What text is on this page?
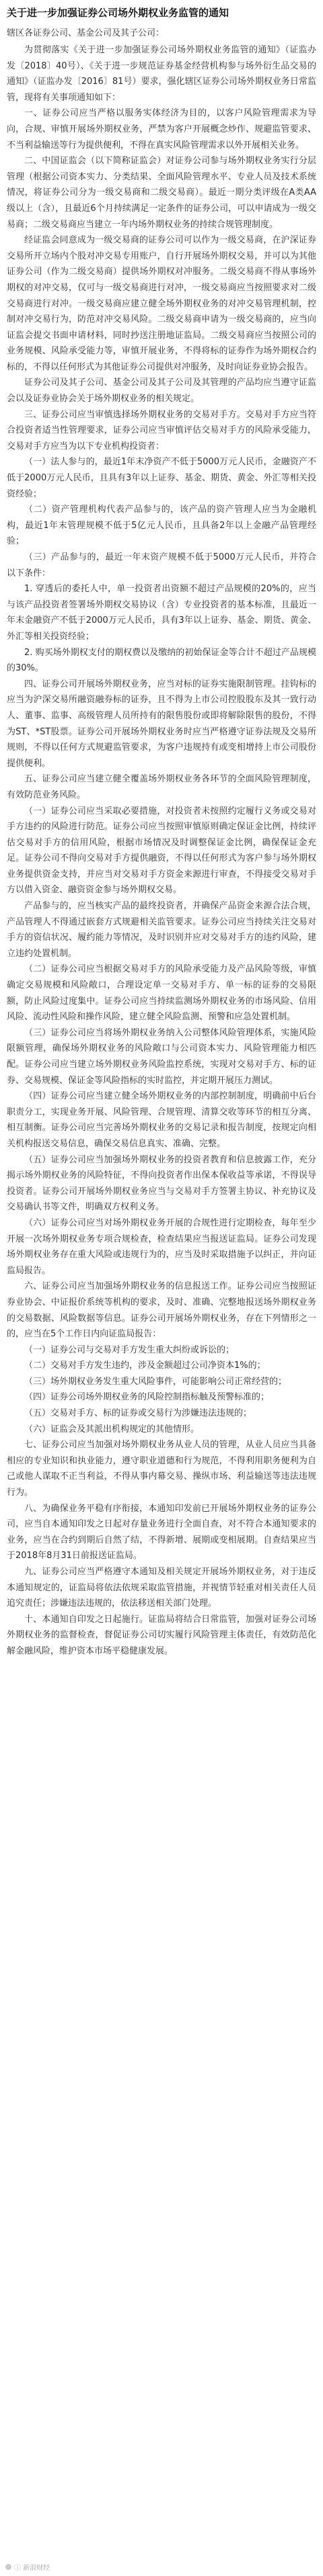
关于进一步加强证券公司场外期权业务监管的通知
辖区各证券公司、基金公司及其子公司：

为贯彻落实《关于进一步加强证券公司场外期权业务监管的通知》（证监办发〔2018〕40号）、《关于进一步规范证券基金经营机构参与场外衍生品交易的通知》（证监办发〔2016〕81号）要求，强化辖区证券公司场外期权业务日常监管，现将有关事项通知如下：

一、证券公司应当严格以服务实体经济为目的，以客户风险管理需求为导向，合规、审慎开展场外期权业务，严禁为客户开展概念炒作、规避监管要求、不当利益输送等行为提供便利，不得在真实风险管理需求以外开展相关业务。

二、中国证监会（以下简称证监会）对证券公司参与场外期权业务实行分层管理（根据公司资本实力、分类结果、全面风险管理水平、专业人员及技术系统情况，将证券公司分为一级交易商和二级交易商）。最近一期分类评级在A类AA级以上（含），且最近6个月持续满足一定条件的证券公司，可以申请成为一级交易商；二级交易商应当建立一年内场外期权业务的持续合规管理制度。

经证监会同意成为一级交易商的证券公司可以作为一级交易商，在沪深证券交易所开立场内个股对冲交易专用账户，自行开展场外期权交易，并可以为其他证券公司（作为二级交易商）提供场外期权对冲服务。二级交易商不得从事场外期权的对冲交易，仅可与一级交易商进行对冲，一级交易商应当按照要求对二级交易商进行对冲。一级交易商应建立健全场外期权业务的对冲交易管理机制，控制对冲交易行为，防范对冲交易风险。二级交易商申请为一级交易商的，应当向证监会提交书面申请材料，同时抄送注册地证监局。二级交易商应当按照公司的业务规模、风险承受能力等，审慎开展业务，不得将标的证券作为场外期权合约标的，不得以任何形式为其他证券公司提供对冲服务，及时向证券业协会报告。

证券公司及其子公司、基金公司及其子公司及其管理的产品均应当遵守证监会以及证券业协会关于场外期权业务的相关规定。

三、证券公司应当审慎选择场外期权业务的交易对手方。交易对手方应当符合投资者适当性管理要求，证券公司应当审慎评估交易对手方的风险承受能力，交易对手方应当为以下专业机构投资者：

（一）法人参与的，最近1年末净资产不低于5000万元人民币，金融资产不低于2000万元人民币，且具有3年以上证券、基金、期货、黄金、外汇等相关投资经验；

（二）资产管理机构代表产品参与的，该产品的资产管理人应当为金融机构，最近1年末管理规模不低于5亿元人民币，且具备2年以上金融产品管理经验；

（三）产品参与的，最近一年末资产规模不低于5000万元人民币，并符合以下条件：

1. 穿透后的委托人中，单一投资者出资额不超过产品规模的20%的，应当与该产品投资者签署场外期权交易协议（含）专业投资者的基本标准，且最近一年末金融资产不低于2000万元人民币，具有3年以上证券、基金、期货、黄金、外汇等相关投资经验；

2. 购买场外期权支付的期权费以及缴纳的初始保证金等合计不超过产品规模的30%。

四、证券公司开展场外期权业务，应当对标的证券实施限制管理。挂钩标的应当为沪深交易所融资融券标的证券，且不得为上市公司控股股东及其一致行动人、董事、监事、高级管理人员所持有的限售股份或即将解除限售的股份，不得为ST、*ST股票。证券公司开展场外期权业务时应当严格遵守证券法规及交易所规则，不得以任何方式规避监管要求，为客户违规持有或变相增持上市公司股份提供便利。

五、证券公司应当建立健全覆盖场外期权业务各环节的全面风险管理制度，有效防范业务风险。

（一）证券公司应当采取必要措施，对投资者未按照约定履行义务或交易对手方违约的风险进行防范。证券公司应当按照审慎原则确定保证金比例，持续评估交易对手方的信用风险，根据市场情况及时调整保证金比例，确保保证金充足。证券公司不得向交易对手方提供融资，不得以任何形式为客户参与场外期权业务提供资金支持，并应当对交易对手方资金来源进行审查，不得接受交易对手方以借入资金、融资资金参与场外期权交易。

产品参与的，应当核实产品的最终投资者，并确保产品资金来源合法合规，产品管理人不得通过嵌套方式规避相关监管要求。证券公司应当持续关注交易对手方的资信状况、履约能力等情况，及时识别并应对交易对手方的违约风险，建立违约处置机制。

（二）证券公司应当根据交易对手方的风险承受能力及产品风险等级，审慎确定交易规模和风险敞口，合理设定单一交易对手方、单一标的证券的交易限额，防止风险过度集中。证券公司应当持续监测场外期权业务的市场风险、信用风险、流动性风险和操作风险，建立健全风险监测、预警和应急处置机制。

（三）证券公司应当将场外期权业务纳入公司整体风险管理体系，实施风险限额管理，确保场外期权业务的风险敞口与公司资本实力、风险管理能力相匹配。证券公司应当建立场外期权业务风险监控系统，实现对交易对手方、标的证券、交易规模、保证金等风险指标的实时监控，并定期开展压力测试。

（四）证券公司应当建立健全场外期权业务的内部控制制度，明确前中后台职责分工，实现业务开展、风险管理、合规管理、清算交收等环节的相互分离、相互制衡。证券公司应当完善场外期权业务的交易记录和报告制度，按规定向相关机构报送交易信息，确保交易信息真实、准确、完整。

（五）证券公司应当加强场外期权业务的投资者教育和信息披露工作，充分揭示场外期权业务的风险特征，不得向投资者作出保本保收益等承诺，不得误导投资者。证券公司开展场外期权业务应当与交易对手方签署主协议、补充协议及交易确认书等文件，明确双方权利义务。

（六）证券公司应当对场外期权业务开展的合规性进行定期检查，每年至少开展一次场外期权业务专项合规检查，检查结果应当报送证监局。证券公司发现场外期权业务存在重大风险或违规行为的，应当及时采取措施予以纠正，并向证监局报告。

六、证券公司应当加强场外期权业务的信息报送工作。证券公司应当按照证券业协会、中证报价系统等机构的要求，及时、准确、完整地报送场外期权业务的交易数据、风险数据等信息。证券公司开展场外期权业务，存在下列情形之一的，应当在5个工作日内向证监局报告：

（一）证券公司与交易对手方发生重大纠纷或诉讼的；

（二）交易对手方发生违约，涉及金额超过公司净资本1%的；

（三）场外期权业务发生重大风险事件，可能影响公司正常经营的；

（四）证券公司场外期权业务的风险控制指标触及预警标准的；

（五）交易对手方、标的证券或交易行为涉嫌违法违规的；

（六）证监会及其派出机构规定的其他情形。

七、证券公司应当加强对场外期权业务从业人员的管理，从业人员应当具备相应的专业知识和执业能力，遵守职业道德和行为规范，不得利用职务便利为自己或他人谋取不正当利益，不得从事内幕交易、操纵市场、利益输送等违法违规行为。

八、为确保业务平稳有序衔接，本通知印发前已开展场外期权业务的证券公司，应当自本通知印发之日起对存量业务进行全面自查，对不符合本通知要求的业务，应当在合约到期后自然了结，不得新增、展期或变相展期。自查结果应当于2018年8月31日前报送证监局。

九、证券公司应当严格遵守本通知及相关规定开展场外期权业务，对于违反本通知规定的，证监局将依法依规采取监管措施，并视情节轻重对相关责任人员追究责任；涉嫌违法违规的，依法移送相关部门处理。

十、本通知自印发之日起施行。证监局将结合日常监管，加强对证券公司场外期权业务的监督检查，督促证券公司切实履行风险管理主体责任，有效防范化解金融风险，维护资本市场平稳健康发展。

ⓘ 新浪财经
